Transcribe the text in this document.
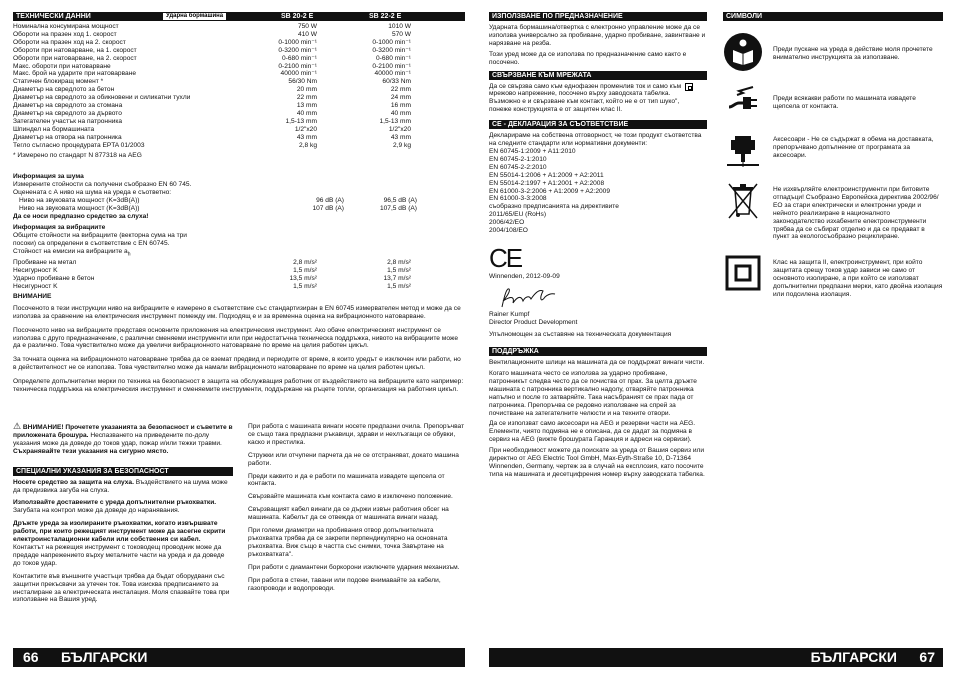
ТЕХНИЧЕСКИ ДАННИ	Ударна бормашина	SB 20-2 E	SB 22-2 E
Номинална консумирана мощност	750 W	1010 W
Обороти на празен ход 1. скорост	410 W	570 W
Обороти на празен ход на 2. скорост	0-1000 min⁻¹	0-1000 min⁻¹
Обороти при натоварване, на 1. скорост	0-3200 min⁻¹	0-3200 min⁻¹
Обороти при натоварване, на 2. скорост	0-680 min⁻¹	0-680 min⁻¹
Макс. обороти при натоварване	0-2100 min⁻¹	0-2100 min⁻¹
Макс. брой на ударите при натоварване	40000 min⁻¹	40000 min⁻¹
Статичен блокиращ момент *	56/30 Nm	60/33 Nm
Диаметър на свредлото за бетон	20 mm	22 mm
Диаметър на свредлото за обикновени и силикатни тухли	22 mm	24 mm
Диаметър на свредлото за стомана	13 mm	16 mm
Диаметър на свредлото за дървото	40 mm	40 mm
Затегателен участък на патронника	1,5-13 mm	1,5-13 mm
Шпиндел на бормашината	1/2"x20	1/2"x20
Диаметър на отвора на патронника	43 mm	43 mm
Тегло съгласно процедурата EPTA 01/2003	2,8 kg	2,9 kg
* Измерено по стандарт N 877318 на AEG
Информация за шума
Измерените стойности са получени съобразно EN 60 745.
Оценената с А ниво на шума на уреда е съответно:
Ниво на звуковата мощност (K=3dB(A))	96 dB (A)	96,5 dB (A)
Ниво на звуковата мощност (K=3dB(A))	107 dB (A)	107,5 dB (A)
Да се носи предпазно средство за слуха!
Информация за вибрациите
Общите стойности на вибрациите (векторна сума на три
посоки) са определени в съответствие с EN 60745.
Стойност на емисии на вибрациите $a_h$
Пробиване на метал	2,8 m/s²	2,8 m/s²
Несигурност K	1,5 m/s²	1,5 m/s²
Ударно пробиване в бетон	13,5 m/s²	13,7 m/s²
Несигурност K	1,5 m/s²	1,5 m/s²
ВНИМАНИЕ

Посоченото в тези инструкции ниво на вибрациите е измерено в съответствие със стандартизиран в EN 60745 измервателен метод и може да се използва за сравнение на електрическия инструмент помежду им. Подходящ е и за временна оценка на вибрационното натоварване.

Посоченото ниво на вибрациите представя основните приложения на електрическия инструмент. Ако обаче електрическият инструмент се използва с друго предназначение, с различни сменяеми инструменти или при недостатъчна техническа поддръжка, нивото на вибрациите може да е различно. Това чувствително може да увеличи вибрационното натоварване по време на целия работен цикъл.

За точната оценка на вибрационното натоварване трябва да се вземат предвид и периодите от време, в които уредът е изключен или работи, но в действителност не се използва. Това чувствително може да намали вибрационното натоварване по време на целия работен цикъл.

Определете допълнителни мерки по техника на безопасност в защита на обслужващия работник от въздействието на вибрациите като например: техническа поддръжка на електрическия инструмент и сменяемите инструменти, поддържане на ръцете топли, организация на работния цикъл.

⚠ ВНИМАНИЕ! Прочетете указанията за безопасност и съветите в приложената брошура. Неспазването на приведените по-долу указания може да доведе до токов удар, пожар и/или тежки травми.
Съхранявайте тези указания на сигурно място.
СПЕЦИАЛНИ УКАЗАНИЯ ЗА БЕЗОПАСНОСТ

Носете средство за защита на слуха. Въздействието на шума може да предизвика загуба на слуха.

Използвайте доставените с уреда допълнителни ръкохватки. Загубата на контрол може да доведе до наранявания.

Дръжте уреда за изолираните ръкохватки, когато извършвате работи, при които режещият инструмент може да засегне скрити електроинсталационни кабели или собствения си кабел. Контактът на режещия инструмент с тоководещ проводник може да предаде напрежението върху металните части на уреда и да доведе до токов удар.

Контактите във външните участъци трябва да бъдат оборудвани със защитни прекъсвачи за утечен ток. Това изисква предписанието за инсталиране за електрическата инсталация. Моля спазвайте това при използване на Вашия уред.

При работа с машината винаги носете предпазни очила. Препоръчват се също така предпазни ръкавици, здрави и нехлъзгащи се обувки, каско и престилка.

Стружки или отчупени парчета да не се отстраняват, докато машина работи.

Преди каквито и да е работи по машината извадете щепсела от контакта.

Свързвайте машината към контакта само в изключено положение.

Свързващият кабел винаги да се държи извън работния обсег на машината. Кабелът да се отвежда от машината винаги назад.

При големи диаметри на пробивания отвор допълнителната ръкохватка трябва да се закрепи перпендикулярно на основната ръкохватка. Виж също в частта със снимки, точка Завъртане на ръкохватката".

При работи с диамантени боркорони изключете ударния механизъм.

При работа в стени, тавани или подове внимавайте за кабели, газопроводи и водопроводи.

66 БЪЛГАРСКИ
ИЗПОЛЗВАНЕ ПО ПРЕДНАЗНАЧЕНИЕ

Ударната бормашина/отвертка с електронно управление може да се използва универсално за пробиване, ударно пробиване, завинтване и нарязване на резба.

Този уред може да се използва по предназначение само както е посочено.

СВЪРЗВАНЕ КЪМ МРЕЖАТА
Да се свързва само към еднофазен променлив ток и само към мрежово напрежение, посочено върху заводската табелка. Възможно е и свързване към контакт, който не е от тип шуко", понеже конструкцията е от защитен клас II.
CE - ДЕКЛАРАЦИЯ ЗА СЪОТВЕТСТВИЕ
Декларираме на собствена отговорност, че този продукт съответства на следните стандарти или нормативни документи:
EN 60745-1:2009 + A11:2010
EN 60745-2-1:2010
EN 60745-2-2:2010
EN 55014-1:2006 + A1:2009 + A2:2011
EN 55014-2:1997 + A1:2001 + A2:2008
EN 61000-3-2:2006 + A1:2009 + A2:2009
EN 61000-3-3:2008
съобразно предписанията на директивите
2011/65/EU (RoHs)
2006/42/EO
2004/108/EO
CE
Winnenden, 2012-09-09
Rainer Kumpf
Director Product Development
Упълномощен за съставяне на техническата документация
ПОДДРЪЖКА

Вентилационните шлици на машината да се поддържат винаги чисти.

Когато машината често се използва за ударно пробиване, патронникът следва често да се почиства от прах. За целта дръжте машината с патронника вертикално надолу, отваряйте патронника напълно и после го затваряйте. Така насъбраният се прах пада от патронника. Препоръчва се редовно използване на спрей за почистване на затегателните челюсти и на техните отвори.

Да се използват само аксесоари на AEG и резервни части на AEG. Елементи, чиято подмяна не е описана, да се дадат за подмяна в сервиз на AEG (вижте брошурата Гаранция и адреси на сервизи).

При необходимост можете да поискате за уреда от Вашия сервиз или директно от AEG Electric Tool GmbH, Max-Eyth-Straße 10, D-71364 Winnenden, Germany, чертеж за в случай на експлозия, като посочите типа на машината и десетцифрения номер върху заводската табелка.

СИМВОЛИ
Преди пускане на уреда в действие моля прочетете внимателно инструкцията за използване.
Преди всякакви работи по машината извадете щепсела от контакта.
Аксесоари - Не се съдържат в обема на доставката, препоръчвано допълнение от програмата за аксесоари.
Не изхвърляйте електроинструменти при битовите отпадъци! Съобразно Европейска директива 2002/96/ЕО за стари електрически и електронни уреди и нейното реализиране в националното законодателство изхабените електроинструменти трябва да се събират отделно и да се предават в пункт за екологосъобразно рециклиране.
Клас на защита II, електроинструмент, при който защитата срещу токов удар зависи не само от основното изолиране, а при който се използват допълнителни предпазни мерки, като двойна изолация или подсилена изолация.
БЪЛГАРСКИ 67
